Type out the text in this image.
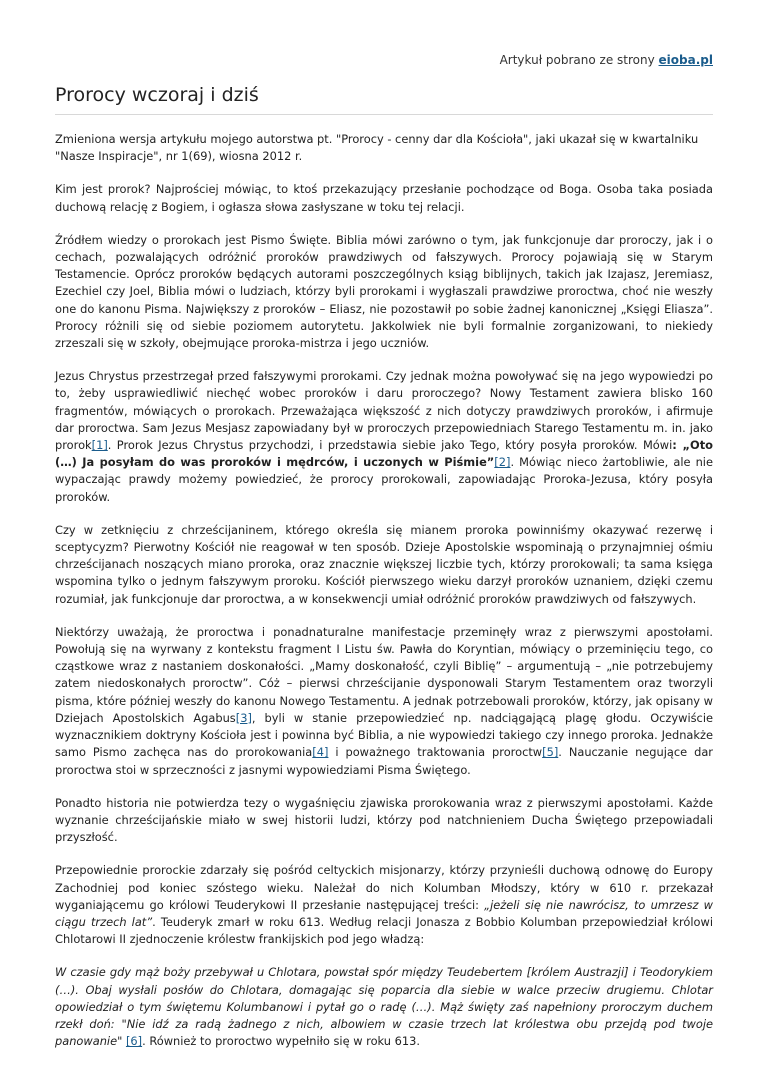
Artykuł pobrano ze strony eioba.pl
Prorocy wczoraj i dziś

Zmieniona wersja artykułu mojego autorstwa pt. "Prorocy - cenny dar dla Kościoła", jaki ukazał się w kwartalniku "Nasze Inspiracje", nr 1(69), wiosna 2012 r.

Kim jest prorok? Najprościej mówiąc, to ktoś przekazujący przesłanie pochodzące od Boga. Osoba taka posiada duchową relację z Bogiem, i ogłasza słowa zasłyszane w toku tej relacji.

Źródłem wiedzy o prorokach jest Pismo Święte. Biblia mówi zarówno o tym, jak funkcjonuje dar proroczy, jak i o cechach, pozwalających odróżnić proroków prawdziwych od fałszywych. Prorocy pojawiają się w Starym Testamencie. Oprócz proroków będących autorami poszczególnych ksiąg biblijnych, takich jak Izajasz, Jeremiasz, Ezechiel czy Joel, Biblia mówi o ludziach, którzy byli prorokami i wygłaszali prawdziwe proroctwa, choć nie weszły one do kanonu Pisma. Największy z proroków – Eliasz, nie pozostawił po sobie żadnej kanonicznej „Księgi Eliasza”. Prorocy różnili się od siebie poziomem autorytetu. Jakkolwiek nie byli formalnie zorganizowani, to niekiedy zrzeszali się w szkoły, obejmujące proroka-mistrza i jego uczniów.

Jezus Chrystus przestrzegał przed fałszywymi prorokami. Czy jednak można powoływać się na jego wypowiedzi po to, żeby usprawiedliwić niechęć wobec proroków i daru proroczego? Nowy Testament zawiera blisko 160 fragmentów, mówiących o prorokach. Przeważająca większość z nich dotyczy prawdziwych proroków, i afirmuje dar proroctwa. Sam Jezus Mesjasz zapowiadany był w proroczych przepowiedniach Starego Testamentu m. in. jako prorok[1]. Prorok Jezus Chrystus przychodzi, i przedstawia siebie jako Tego, który posyła proroków. Mówi: „Oto (…) Ja posyłam do was proroków i mędrców, i uczonych w Piśmie”[2]. Mówiąc nieco żartobliwie, ale nie wypaczając prawdy możemy powiedzieć, że prorocy prorokowali, zapowiadając Proroka-Jezusa, który posyła proroków.

Czy w zetknięciu z chrześcijaninem, którego określa się mianem proroka powinniśmy okazywać rezerwę i sceptycyzm? Pierwotny Kościół nie reagował w ten sposób. Dzieje Apostolskie wspominają o przynajmniej ośmiu chrześcijanach noszących miano proroka, oraz znacznie większej liczbie tych, którzy prorokowali; ta sama księga wspomina tylko o jednym fałszywym proroku. Kościół pierwszego wieku darzył proroków uznaniem, dzięki czemu rozumiał, jak funkcjonuje dar proroctwa, a w konsekwencji umiał odróżnić proroków prawdziwych od fałszywych.

Niektórzy uważają, że proroctwa i ponadnaturalne manifestacje przeminęły wraz z pierwszymi apostołami. Powołują się na wyrwany z kontekstu fragment I Listu św. Pawła do Koryntian, mówiący o przeminięciu tego, co cząstkowe wraz z nastaniem doskonałości. „Mamy doskonałość, czyli Biblię” – argumentują – „nie potrzebujemy zatem niedoskonałych proroctw”. Cóż – pierwsi chrześcijanie dysponowali Starym Testamentem oraz tworzyli pisma, które później weszły do kanonu Nowego Testamentu. A jednak potrzebowali proroków, którzy, jak opisany w Dziejach Apostolskich Agabus[3], byli w stanie przepowiedzieć np. nadciągającą plagę głodu. Oczywiście wyznacznikiem doktryny Kościoła jest i powinna być Biblia, a nie wypowiedzi takiego czy innego proroka. Jednakże samo Pismo zachęca nas do prorokowania[4] i poważnego traktowania proroctw[5]. Nauczanie negujące dar proroctwa stoi w sprzeczności z jasnymi wypowiedziami Pisma Świętego.

Ponadto historia nie potwierdza tezy o wygaśnięciu zjawiska prorokowania wraz z pierwszymi apostołami. Każde wyznanie chrześcijańskie miało w swej historii ludzi, którzy pod natchnieniem Ducha Świętego przepowiadali przyszłość.

Przepowiednie prorockie zdarzały się pośród celtyckich misjonarzy, którzy przynieśli duchową odnowę do Europy Zachodniej pod koniec szóstego wieku. Należał do nich Kolumban Młodszy, który w 610 r. przekazał wyganiającemu go królowi Teuderykowi II przesłanie następującej treści: „jeżeli się nie nawrócisz, to umrzesz w ciągu trzech lat”. Teuderyk zmarł w roku 613. Według relacji Jonasza z Bobbio Kolumban przepowiedział królowi Chlotarowi II zjednoczenie królestw frankijskich pod jego władzą:

W czasie gdy mąż boży przebywał u Chlotara, powstał spór między Teudebertem [królem Austrazji] i Teodorykiem (…). Obaj wysłali posłów do Chlotara, domagając się poparcia dla siebie w walce przeciw drugiemu. Chlotar opowiedział o tym świętemu Kolumbanowi i pytał go o radę (…). Mąż święty zaś napełniony proroczym duchem rzekł doń: "Nie idź za radą żadnego z nich, albowiem w czasie trzech lat królestwa obu przejdą pod twoje panowanie" [6]. Również to proroctwo wypełniło się w roku 613.
